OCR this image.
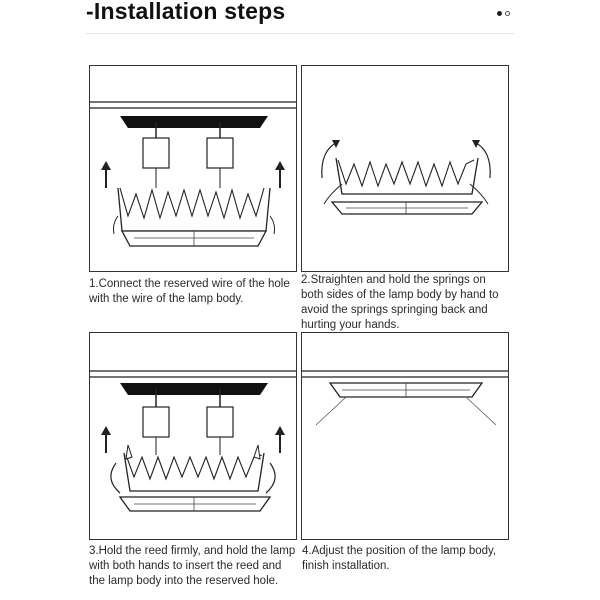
-Installation steps
1.Connect the reserved wire of the hole with the wire of the lamp body.
2.Straighten and hold the springs on both sides of the lamp body by hand to avoid the springs springing back and hurting your hands.
3.Hold the reed firmly, and hold the lamp with both hands to insert the reed and the lamp body into the reserved hole.
4.Adjust the position of the lamp body, finish installation.
